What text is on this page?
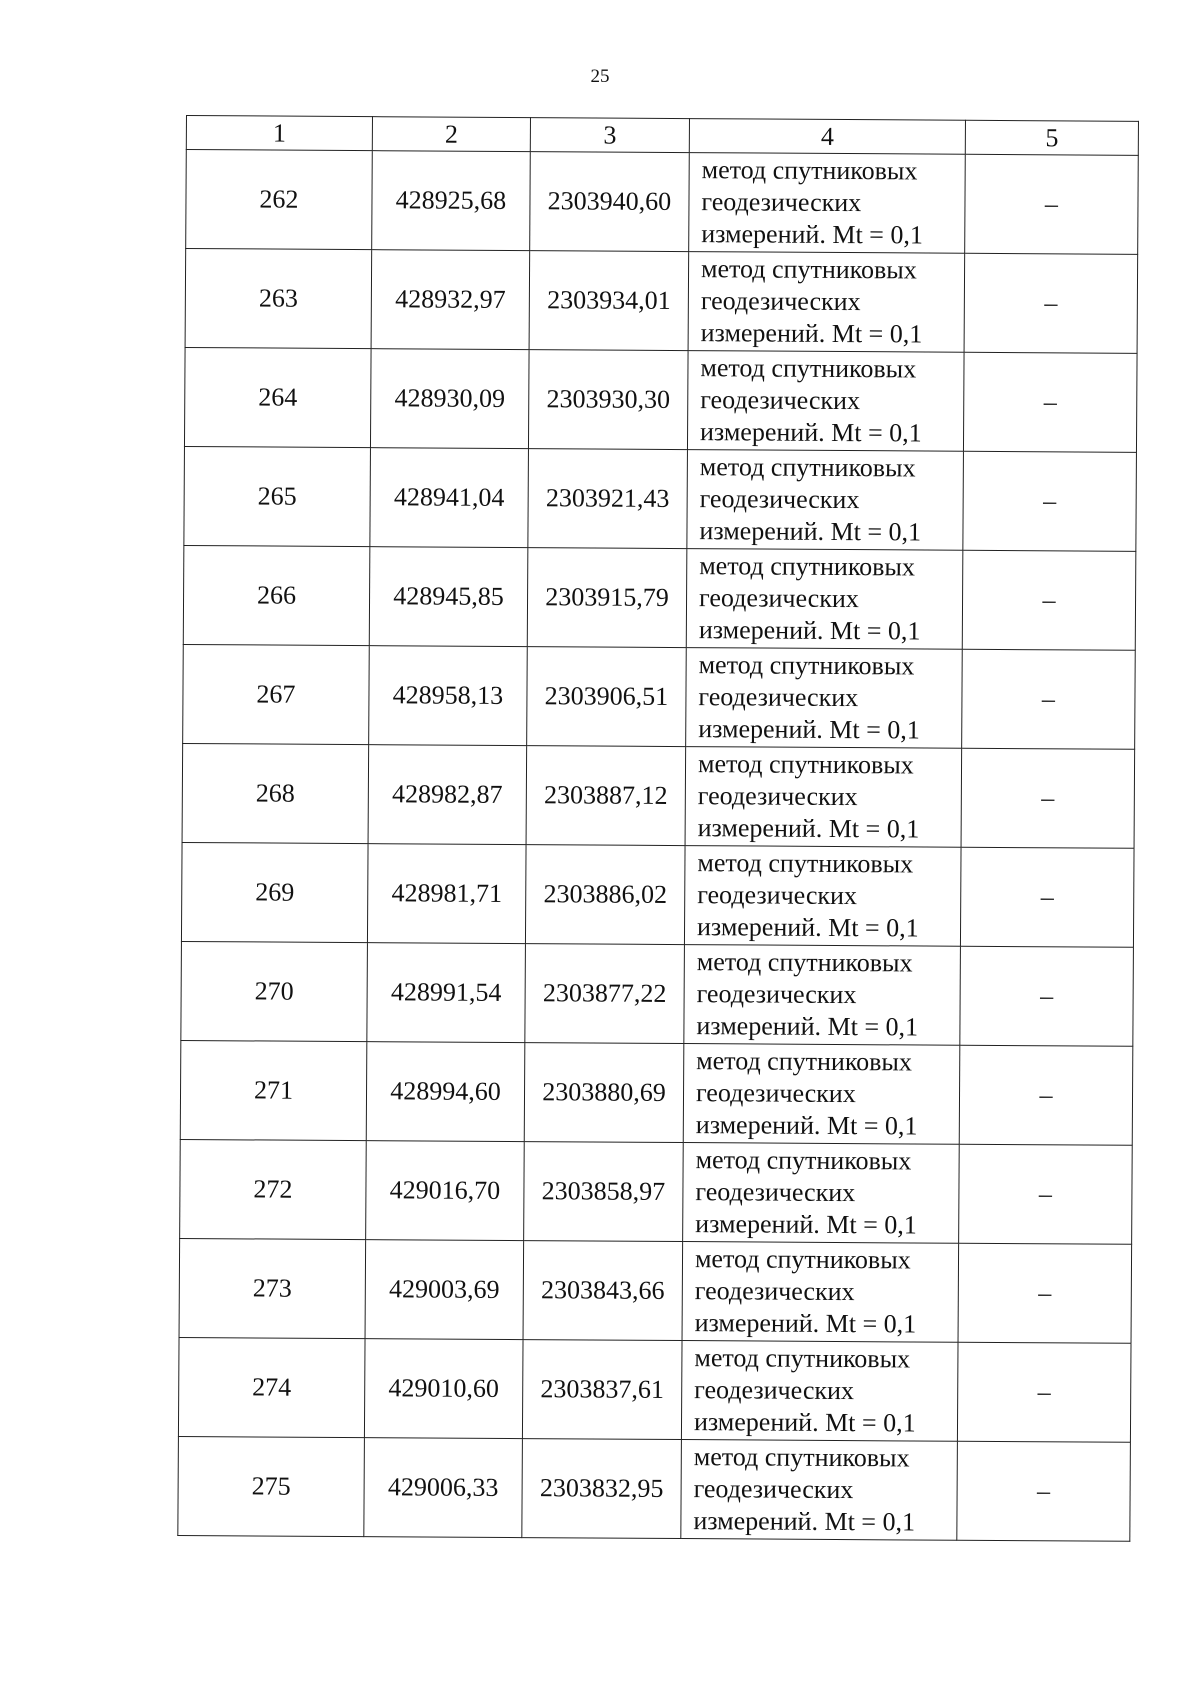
25
1	2	3	4	5
262	428925,68	2303940,60	метод спутниковых
геодезических
измерений. Mt = 0,1	–
263	428932,97	2303934,01	метод спутниковых
геодезических
измерений. Mt = 0,1	–
264	428930,09	2303930,30	метод спутниковых
геодезических
измерений. Mt = 0,1	–
265	428941,04	2303921,43	метод спутниковых
геодезических
измерений. Mt = 0,1	–
266	428945,85	2303915,79	метод спутниковых
геодезических
измерений. Mt = 0,1	–
267	428958,13	2303906,51	метод спутниковых
геодезических
измерений. Mt = 0,1	–
268	428982,87	2303887,12	метод спутниковых
геодезических
измерений. Mt = 0,1	–
269	428981,71	2303886,02	метод спутниковых
геодезических
измерений. Mt = 0,1	–
270	428991,54	2303877,22	метод спутниковых
геодезических
измерений. Mt = 0,1	–
271	428994,60	2303880,69	метод спутниковых
геодезических
измерений. Mt = 0,1	–
272	429016,70	2303858,97	метод спутниковых
геодезических
измерений. Mt = 0,1	–
273	429003,69	2303843,66	метод спутниковых
геодезических
измерений. Mt = 0,1	–
274	429010,60	2303837,61	метод спутниковых
геодезических
измерений. Mt = 0,1	–
275	429006,33	2303832,95	метод спутниковых
геодезических
измерений. Mt = 0,1	–
